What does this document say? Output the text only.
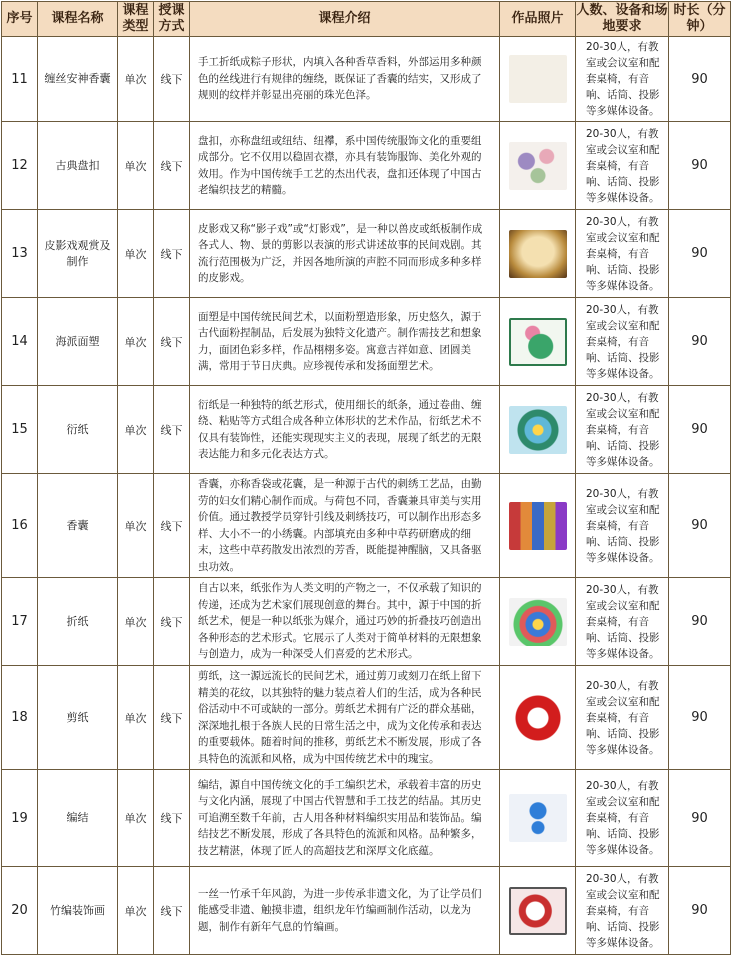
序号	课程名称	课程类型	授课方式	课程介绍	作品照片	人数、设备和场地要求	时长（分钟）
11	缠丝安神香囊	单次	线下	手工折纸成粽子形状，内填入各种香草香料，外部运用多种颜色的丝线进行有规律的缠绕，既保证了香囊的结实，又形成了规则的纹样并彰显出亮丽的珠光色泽。		20-30人，有教室或会议室和配套桌椅，有音响、话筒、投影等多媒体设备。	90
12	古典盘扣	单次	线下	盘扣，亦称盘纽或纽结、纽襻，系中国传统服饰文化的重要组成部分。它不仅用以稳固衣襟，亦具有装饰服饰、美化外观的效用。作为中国传统手工艺的杰出代表，盘扣还体现了中国古老编织技艺的精髓。		20-30人，有教室或会议室和配套桌椅，有音响、话筒、投影等多媒体设备。	90
13	皮影戏观赏及制作	单次	线下	皮影戏又称“影子戏”或“灯影戏”，是一种以兽皮或纸板制作成各式人、物、景的剪影以表演的形式讲述故事的民间戏剧。其流行范围极为广泛，并因各地所演的声腔不同而形成多种多样的皮影戏。		20-30人，有教室或会议室和配套桌椅，有音响、话筒、投影等多媒体设备。	90
14	海派面塑	单次	线下	面塑是中国传统民间艺术，以面粉塑造形象，历史悠久，源于古代面粉捏制品，后发展为独特文化遗产。制作需技艺和想象力，面团色彩多样，作品栩栩多姿。寓意吉祥如意、团圆美满，常用于节日庆典。应珍视传承和发扬面塑艺术。		20-30人，有教室或会议室和配套桌椅，有音响、话筒、投影等多媒体设备。	90
15	衍纸	单次	线下	衍纸是一种独特的纸艺形式，使用细长的纸条，通过卷曲、缠绕、粘贴等方式组合成各种立体形状的艺术作品，衍纸艺术不仅具有装饰性，还能实现现实主义的表现，展现了纸艺的无限表达能力和多元化表达方式。		20-30人，有教室或会议室和配套桌椅，有音响、话筒、投影等多媒体设备。	90
16	香囊	单次	线下	香囊，亦称香袋或花囊，是一种源于古代的刺绣工艺品，由勤劳的妇女们精心制作而成。与荷包不同，香囊兼具审美与实用价值。通过教授学员穿针引线及刺绣技巧，可以制作出形态多样、大小不一的小绣囊。内部填充由多种中草药研磨成的细末，这些中草药散发出浓烈的芳香，既能提神醒脑，又具备驱虫功效。		20-30人，有教室或会议室和配套桌椅，有音响、话筒、投影等多媒体设备。	90
17	折纸	单次	线下	自古以来，纸张作为人类文明的产物之一，不仅承载了知识的传递，还成为艺术家们展现创意的舞台。其中，源于中国的折纸艺术，便是一种以纸张为媒介，通过巧妙的折叠技巧创造出各种形态的艺术形式。它展示了人类对于简单材料的无限想象与创造力，成为一种深受人们喜爱的艺术形式。		20-30人，有教室或会议室和配套桌椅，有音响、话筒、投影等多媒体设备。	90
18	剪纸	单次	线下	剪纸，这一源远流长的民间艺术，通过剪刀或刻刀在纸上留下精美的花纹，以其独特的魅力装点着人们的生活，成为各种民俗活动中不可或缺的一部分。剪纸艺术拥有广泛的群众基础，深深地扎根于各族人民的日常生活之中，成为文化传承和表达的重要载体。随着时间的推移，剪纸艺术不断发展，形成了各具特色的流派和风格，成为中国传统艺术中的瑰宝。		20-30人，有教室或会议室和配套桌椅，有音响、话筒、投影等多媒体设备。	90
19	编结	单次	线下	编结，源自中国传统文化的手工编织艺术，承载着丰富的历史与文化内涵，展现了中国古代智慧和手工技艺的结晶。其历史可追溯至数千年前，古人用各种材料编织实用品和装饰品。编结技艺不断发展，形成了各具特色的流派和风格。品种繁多，技艺精湛，体现了匠人的高超技艺和深厚文化底蕴。		20-30人，有教室或会议室和配套桌椅，有音响、话筒、投影等多媒体设备。	90
20	竹编装饰画	单次	线下	一丝一竹承千年风韵，为进一步传承非遗文化，为了让学员们能感受非遗、触摸非遗，组织龙年竹编画制作活动，以龙为题，制作有新年气息的竹编画。		20-30人，有教室或会议室和配套桌椅，有音响、话筒、投影等多媒体设备。	90
